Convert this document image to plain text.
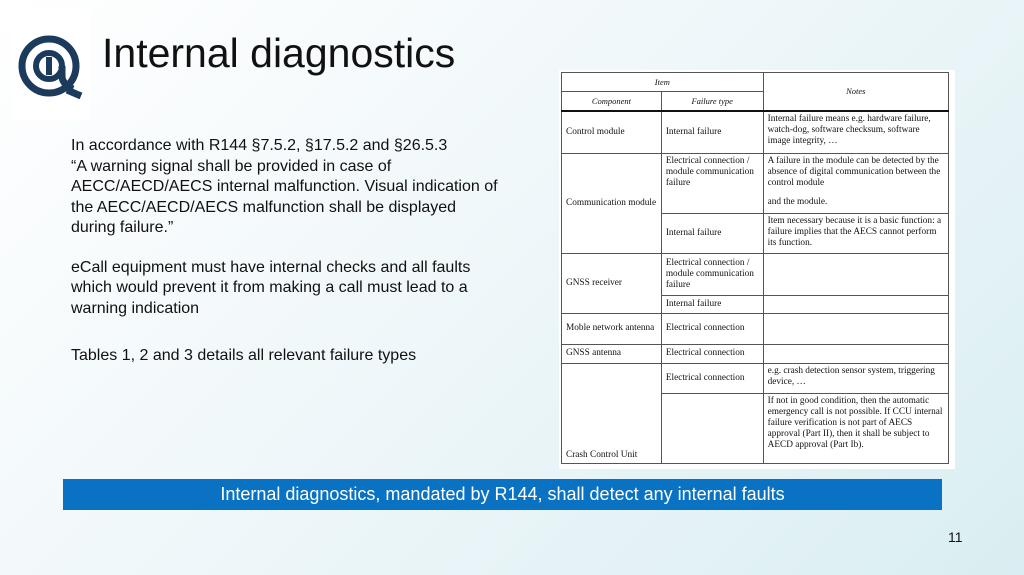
Internal diagnostics

In accordance with R144 §7.5.2, §17.5.2 and §26.5.3

“A warning signal shall be provided in case of AECC/AECD/AECS internal malfunction. Visual indication of the AECC/AECD/AECS malfunction shall be displayed during failure.”

eCall equipment must have internal checks and all faults which would prevent it from making a call must lead to a warning indication

Tables 1, 2 and 3 details all relevant failure types

Item		Notes
Component	Failure type	
Control module	Internal failure	Internal failure means e.g. hardware failure, watch-dog, software checksum, software image integrity, …
Communication module	Electrical connection / module communication failure	A failure in the module can be detected by the absence of digital communication between the control module

and the module.

	Internal failure	Item necessary because it is a basic function: a failure implies that the AECS cannot perform its function.
GNSS receiver	Electrical connection / module communication failure	
	Internal failure	
Moble network antenna	Electrical connection	
GNSS antenna	Electrical connection	
Crash Control Unit	Electrical connection	e.g. crash detection sensor system, triggering device, …
		If not in good condition, then the automatic emergency call is not possible. If CCU internal failure verification is not part of AECS approval (Part II), then it shall be subject to AECD approval (Part Ib).
Internal diagnostics, mandated by R144, shall detect any internal faults
11
